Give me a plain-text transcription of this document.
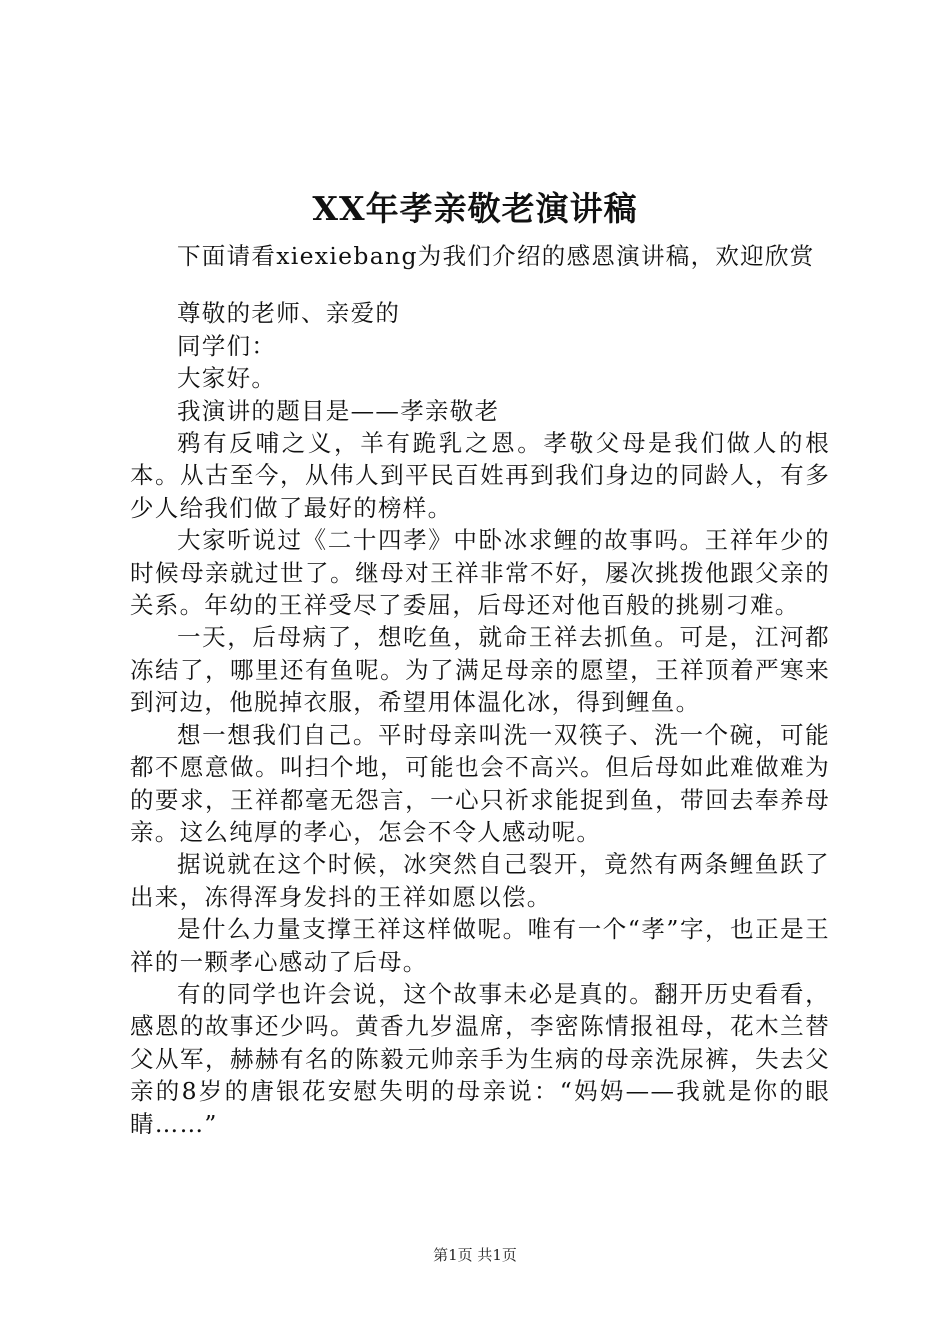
XX年孝亲敬老演讲稿

下面请看xiexiebang为我们介绍的感恩演讲稿，欢迎欣赏

尊敬的老师、亲爱的

同学们：

大家好。

我演讲的题目是——孝亲敬老

鸦有反哺之义，羊有跪乳之恩。孝敬父母是我们做人的根本。从古至今，从伟人到平民百姓再到我们身边的同龄人，有多少人给我们做了最好的榜样。

大家听说过《二十四孝》中卧冰求鲤的故事吗。王祥年少的时候母亲就过世了。继母对王祥非常不好，屡次挑拨他跟父亲的关系。年幼的王祥受尽了委屈，后母还对他百般的挑剔刁难。

一天，后母病了，想吃鱼，就命王祥去抓鱼。可是，江河都冻结了，哪里还有鱼呢。为了满足母亲的愿望，王祥顶着严寒来到河边，他脱掉衣服，希望用体温化冰，得到鲤鱼。

想一想我们自己。平时母亲叫洗一双筷子、洗一个碗，可能都不愿意做。叫扫个地，可能也会不高兴。但后母如此难做难为的要求，王祥都毫无怨言，一心只祈求能捉到鱼，带回去奉养母亲。这么纯厚的孝心，怎会不令人感动呢。

据说就在这个时候，冰突然自己裂开，竟然有两条鲤鱼跃了出来，冻得浑身发抖的王祥如愿以偿。

是什么力量支撑王祥这样做呢。唯有一个“孝”字，也正是王祥的一颗孝心感动了后母。

有的同学也许会说，这个故事未必是真的。翻开历史看看，感恩的故事还少吗。黄香九岁温席，李密陈情报祖母，花木兰替父从军，赫赫有名的陈毅元帅亲手为生病的母亲洗尿裤，失去父亲的8岁的唐银花安慰失明的母亲说：“妈妈——我就是你的眼睛……”

第1页 共1页
